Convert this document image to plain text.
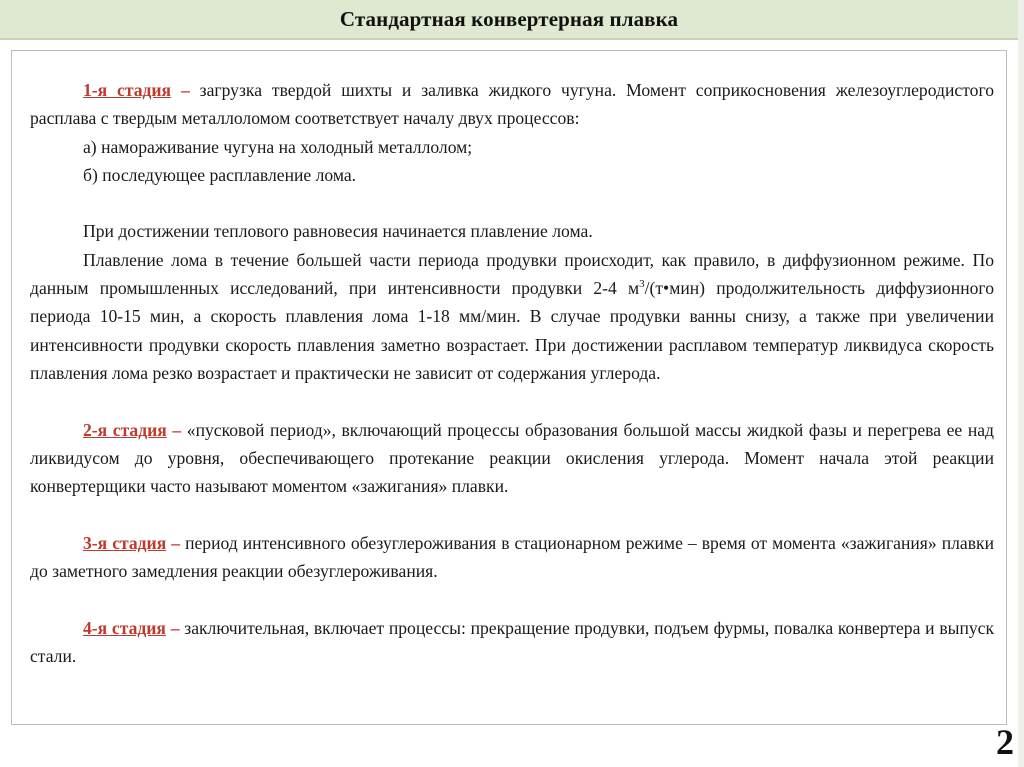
Стандартная конвертерная плавка

1-я стадия – загрузка твердой шихты и заливка жидкого чугуна. Момент соприкосновения железоуглеродистого расплава с твердым металлоломом соответствует началу двух процессов:

а) намораживание чугуна на холодный металлолом;

б) последующее расплавление лома.

При достижении теплового равновесия начинается плавление лома.

Плавление лома в течение большей части периода продувки происходит, как правило, в диффузионном режиме. По данным промышленных исследований, при интенсивности продувки 2-4 $м^3/(т•мин)$ продолжительность диффузионного периода 10-15 мин, а скорость плавления лома 1-18 мм/мин. В случае продувки ванны снизу, а также при увеличении интенсивности продувки скорость плавления заметно возрастает. При достижении расплавом температур ликвидуса скорость плавления лома резко возрастает и практически не зависит от содержания углерода.

2-я стадия – «пусковой период», включающий процессы образования большой массы жидкой фазы и перегрева ее над ликвидусом до уровня, обеспечивающего протекание реакции окисления углерода. Момент начала этой реакции конвертерщики часто называют моментом «зажигания» плавки.

3-я стадия – период интенсивного обезуглероживания в стационарном режиме – время от момента «зажигания» плавки до заметного замедления реакции обезуглероживания.

4-я стадия – заключительная, включает процессы: прекращение продувки, подъем фурмы, повалка конвертера и выпуск стали.

2
